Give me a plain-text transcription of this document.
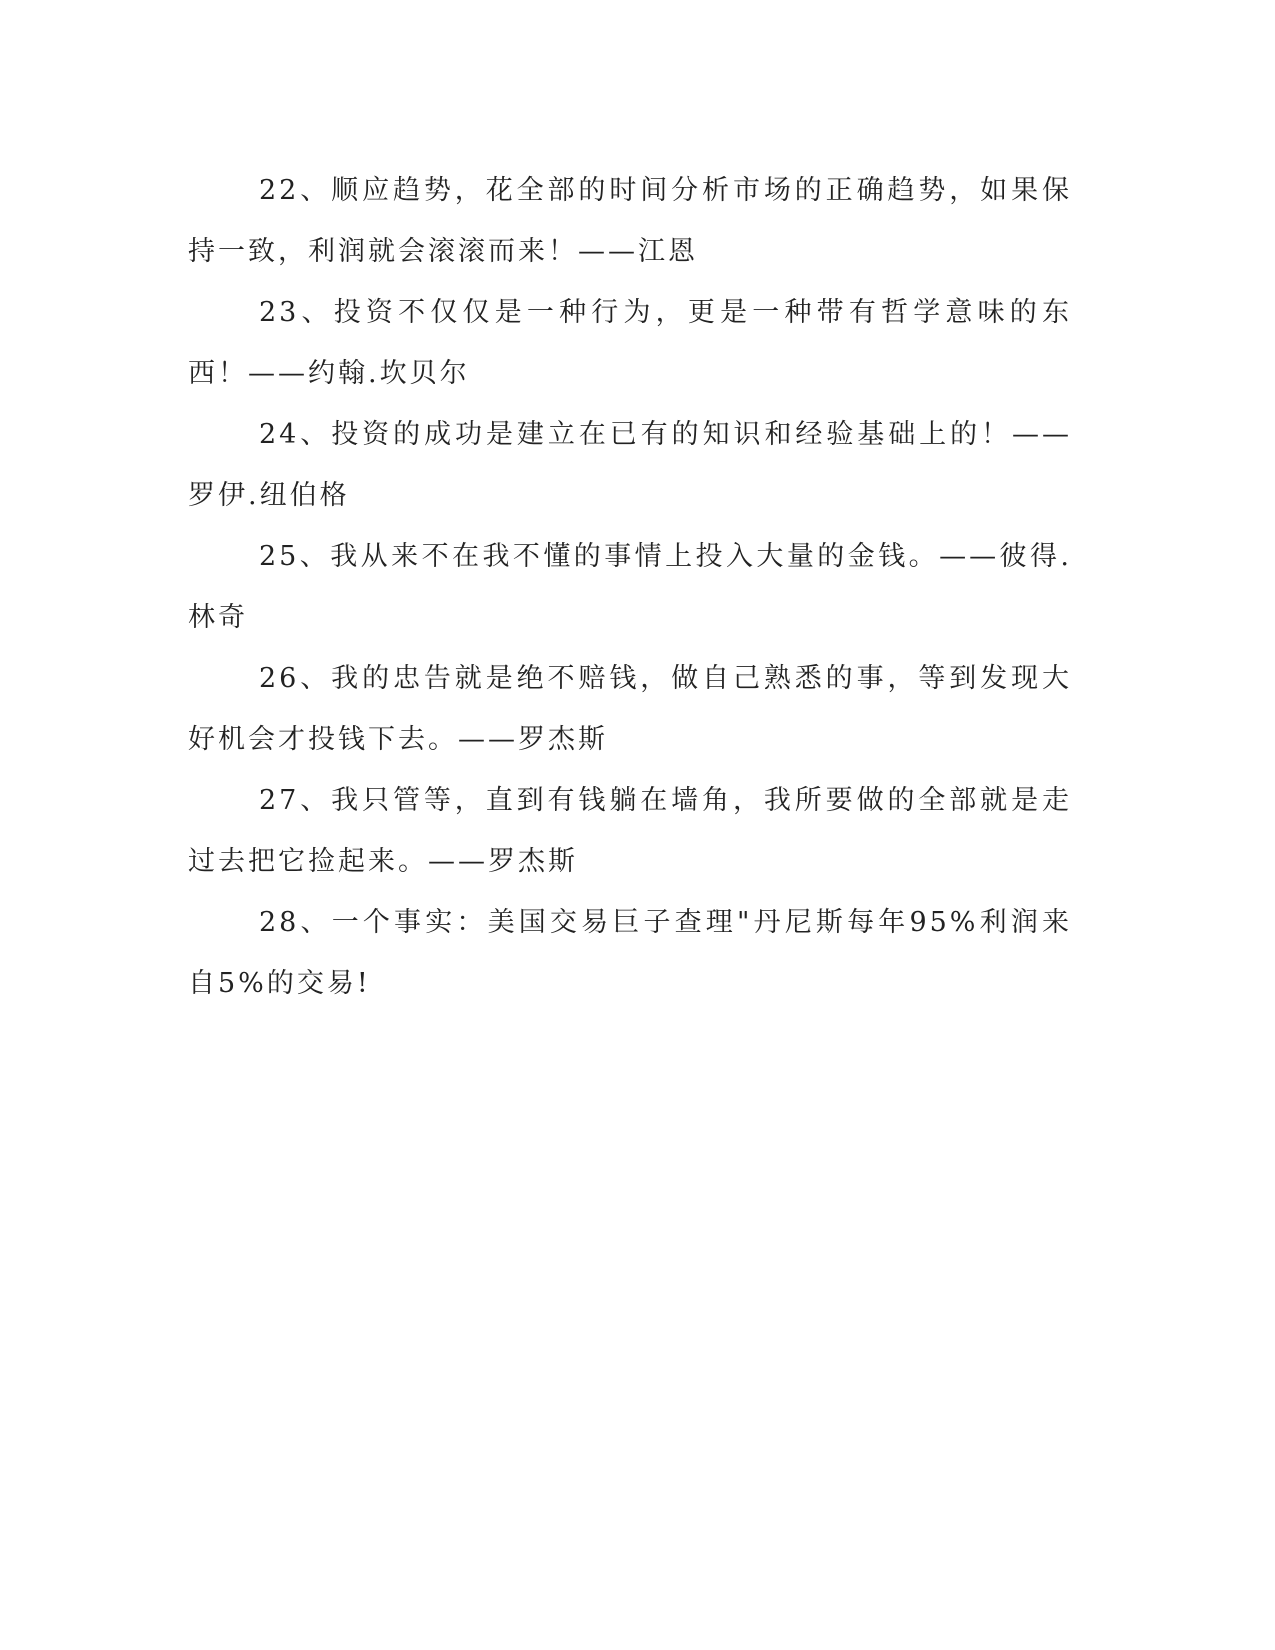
22、顺应趋势，花全部的时间分析市场的正确趋势，如果保持一致，利润就会滚滚而来！——江恩

23、投资不仅仅是一种行为，更是一种带有哲学意味的东西！——约翰.坎贝尔

24、投资的成功是建立在已有的知识和经验基础上的！——罗伊.纽伯格

25、我从来不在我不懂的事情上投入大量的金钱。——彼得.林奇

26、我的忠告就是绝不赔钱，做自己熟悉的事，等到发现大好机会才投钱下去。——罗杰斯

27、我只管等，直到有钱躺在墙角，我所要做的全部就是走过去把它捡起来。——罗杰斯

28、一个事实：美国交易巨子查理"丹尼斯每年95%利润来自5%的交易!
